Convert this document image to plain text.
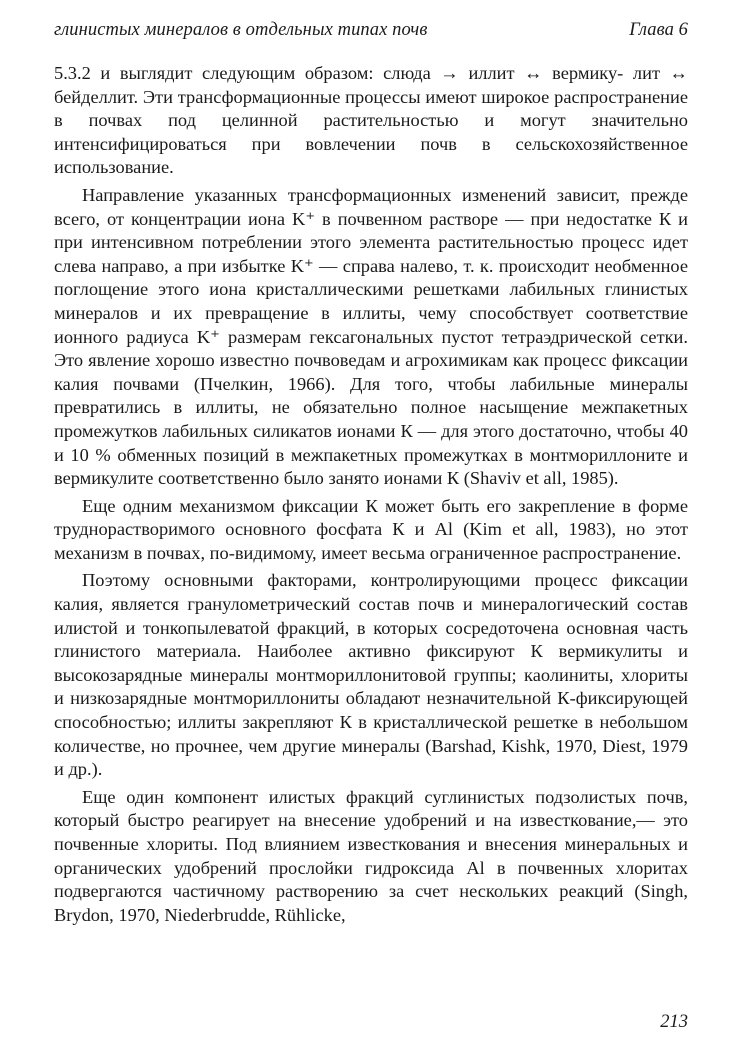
глинистых минералов в отдельных типах почв	Глава 6

5.3.2 и выглядит следующим образом: слюда → иллит ↔ вермику- лит ↔ бейделлит. Эти трансформационные процессы имеют широкое распространение в почвах под целинной растительностью и могут значительно интенсифицироваться при вовлечении почв в сельскохозяйственное использование.

Направление указанных трансформационных изменений зависит, прежде всего, от концентрации иона K⁺ в почвенном растворе — при недостатке К и при интенсивном потреблении этого элемента растительностью процесс идет слева направо, а при избытке K⁺ — справа налево, т. к. происходит необменное поглощение этого иона кристаллическими решетками лабильных глинистых минералов и их превращение в иллиты, чему способствует соответствие ионного радиуса K⁺ размерам гексагональных пустот тетраэдрической сетки. Это явление хорошо известно почвоведам и агрохимикам как процесс фиксации калия почвами (Пчелкин, 1966). Для того, чтобы лабильные минералы превратились в иллиты, не обязательно полное насыщение межпакетных промежутков лабильных силикатов ионами К — для этого достаточно, чтобы 40 и 10 % обменных позиций в межпакетных промежутках в монтмориллоните и вермикулите соответственно было занято ионами К (Shaviv et all, 1985).

Еще одним механизмом фиксации К может быть его закрепление в форме труднорастворимого основного фосфата К и Al (Kim et all, 1983), но этот механизм в почвах, по-видимому, имеет весьма ограниченное распространение.

Поэтому основными факторами, контролирующими процесс фиксации калия, является гранулометрический состав почв и минералогический состав илистой и тонкопылеватой фракций, в которых сосредоточена основная часть глинистого материала. Наиболее активно фиксируют К вермикулиты и высокозарядные минералы монтмориллонитовой группы; каолиниты, хлориты и низкозарядные монтмориллониты обладают незначительной К-фиксирующей способностью; иллиты закрепляют К в кристаллической решетке в небольшом количестве, но прочнее, чем другие минералы (Barshad, Kishk, 1970, Diest, 1979 и др.).

Еще один компонент илистых фракций суглинистых подзолистых почв, который быстро реагирует на внесение удобрений и на известкование,— это почвенные хлориты. Под влиянием известкования и внесения минеральных и органических удобрений прослойки гидроксида Al в почвенных хлоритах подвергаются частичному растворению за счет нескольких реакций (Singh, Brydon, 1970, Niederbrudde, Rühlicke,

213
